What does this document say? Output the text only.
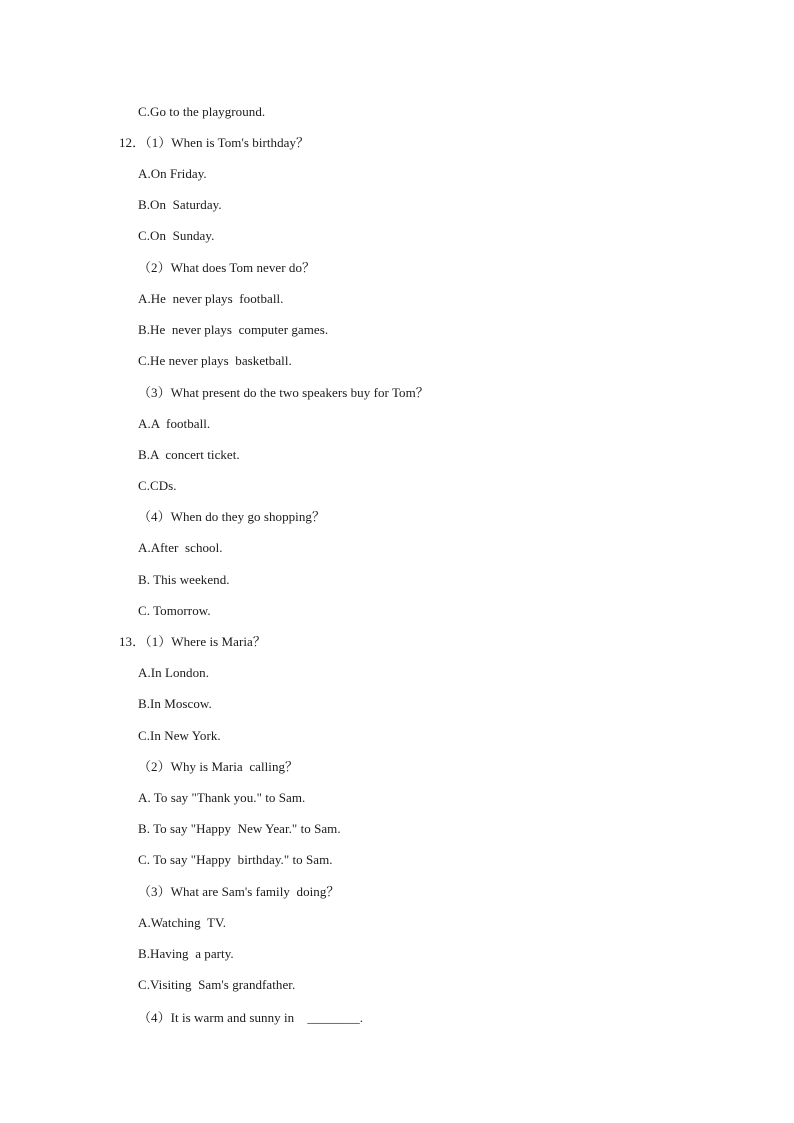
C.Go to the playground.
12．（1）When is Tom's birthday？
A.On Friday.
B.On  Saturday.
C.On  Sunday.
（2）What does Tom never do？
A.He  never plays  football.
B.He  never plays  computer games.
C.He never plays  basketball.
（3）What present do the two speakers buy for Tom？
A.A  football.
B.A  concert ticket.
C.CDs.
（4）When do they go shopping？
A.After  school.
B. This weekend.
C. Tomorrow.
13．（1）Where is Maria？
A.In London.
B.In Moscow.
C.In New York.
（2）Why is Maria  calling？
A. To say "Thank you." to Sam.
B. To say "Happy  New Year." to Sam.
C. To say "Happy  birthday." to Sam.
（3）What are Sam's family  doing？
A.Watching  TV.
B.Having  a party.
C.Visiting  Sam's grandfather.
（4）It is warm and sunny in    ________.
